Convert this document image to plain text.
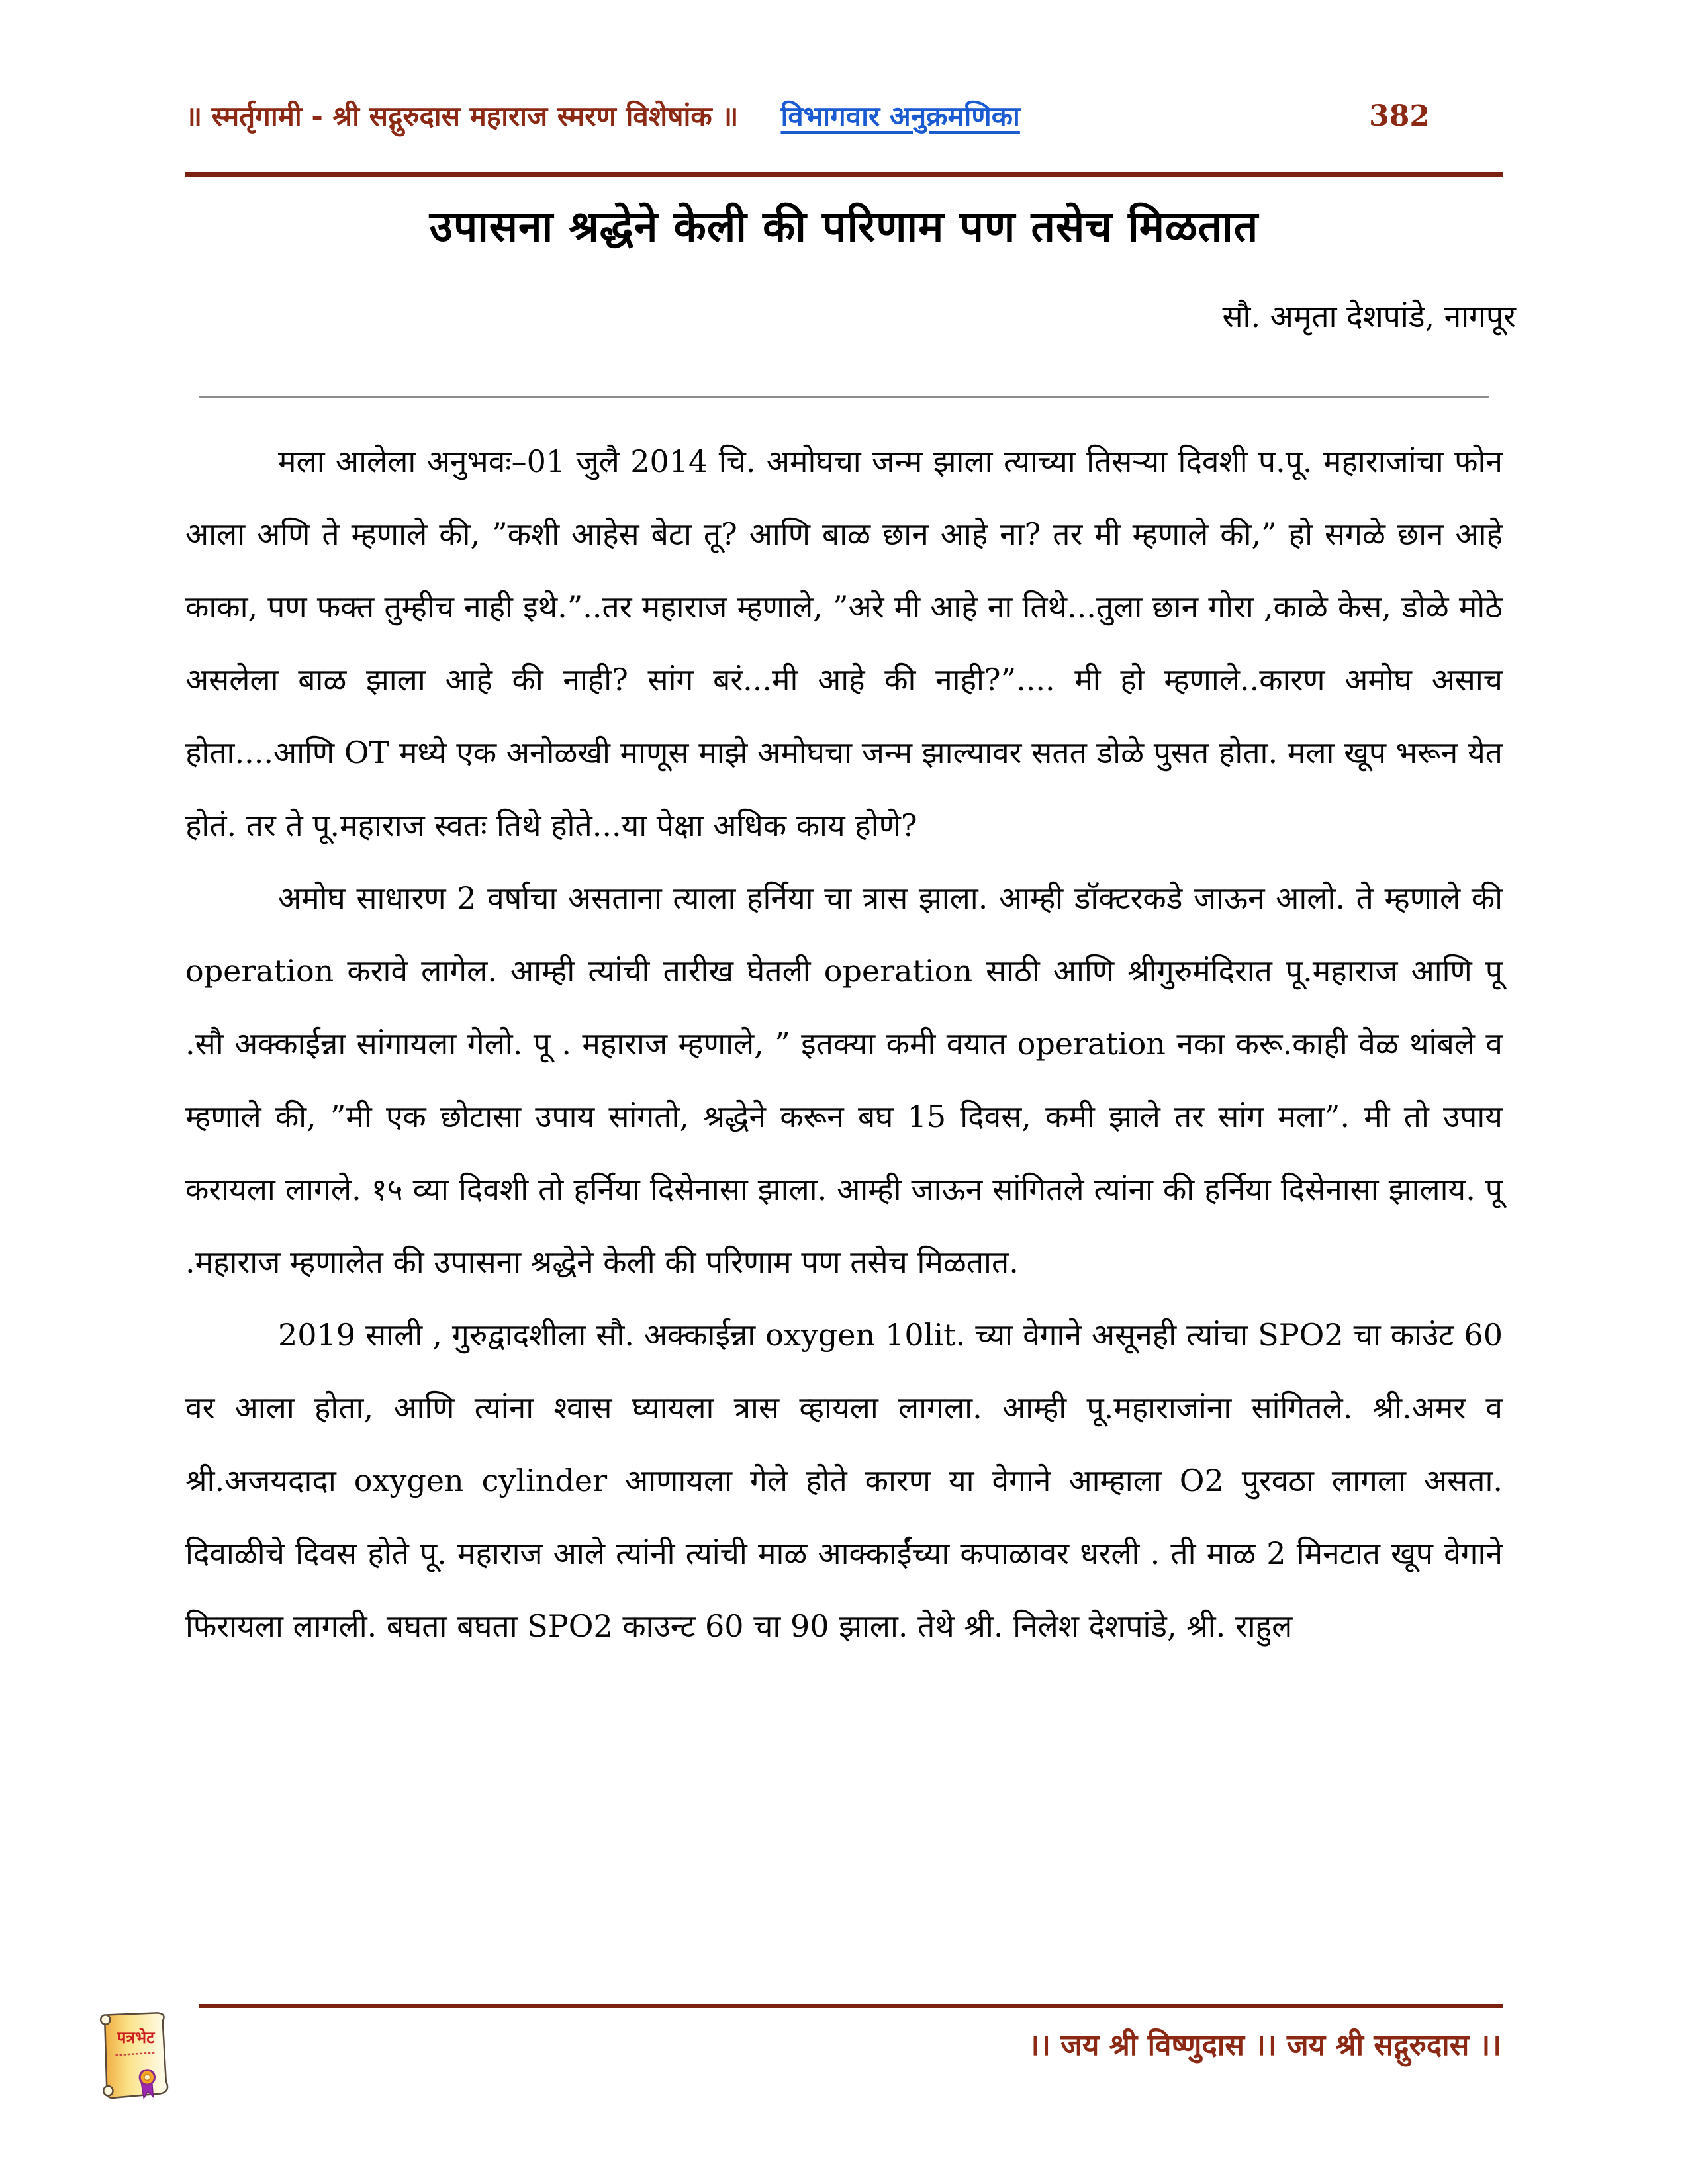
॥ स्मर्तृगामी - श्री सद्गुरुदास महाराज स्मरण विशेषांक ॥ विभागवार अनुक्रमणिका	382
उपासना श्रद्धेने केली की परिणाम पण तसेच मिळतात
सौ. अमृता देशपांडे, नागपूर

मला आलेला अनुभवः–01 जुलै 2014 चि. अमोघचा जन्म झाला त्याच्या तिसऱ्या दिवशी प.पू. महाराजांचा फोन आला अणि ते म्हणाले की, ”कशी आहेस बेटा तू? आणि बाळ छान आहे ना? तर मी म्हणाले की,” हो सगळे छान आहे काका, पण फक्त तुम्हीच नाही इथे.”..तर महाराज म्हणाले, ”अरे मी आहे ना तिथे...तुला छान गोरा ,काळे केस, डोळे मोठे असलेला बाळ झाला आहे की नाही? सांग बरं...मी आहे की नाही?”.... मी हो म्हणाले..कारण अमोघ असाच होता....आणि OT मध्ये एक अनोळखी माणूस माझे अमोघचा जन्म झाल्यावर सतत डोळे पुसत होता. मला खूप भरून येत होतं. तर ते पू.महाराज स्वतः तिथे होते...या पेक्षा अधिक काय होणे?

अमोघ साधारण 2 वर्षाचा असताना त्याला हर्निया चा त्रास झाला. आम्ही डॉक्टरकडे जाऊन आलो. ते म्हणाले की operation करावे लागेल. आम्ही त्यांची तारीख घेतली operation साठी आणि श्रीगुरुमंदिरात पू.महाराज आणि पू .सौ अक्काईन्ना सांगायला गेलो. पू . महाराज म्हणाले, ” इतक्या कमी वयात operation नका करू.काही वेळ थांबले व म्हणाले की, ”मी एक छोटासा उपाय सांगतो, श्रद्धेने करून बघ 15 दिवस, कमी झाले तर सांग मला”. मी तो उपाय करायला लागले. १५ व्या दिवशी तो हर्निया दिसेनासा झाला. आम्ही जाऊन सांगितले त्यांना की हर्निया दिसेनासा झालाय. पू .महाराज म्हणालेत की उपासना श्रद्धेने केली की परिणाम पण तसेच मिळतात.

2019 साली , गुरुद्वादशीला सौ. अक्काईन्ना oxygen 10lit. च्या वेगाने असूनही त्यांचा SPO2 चा काउंट 60 वर आला होता, आणि त्यांना श्वास घ्यायला त्रास व्हायला लागला. आम्ही पू.महाराजांना सांगितले. श्री.अमर व श्री.अजयदादा oxygen cylinder आणायला गेले होते कारण या वेगाने आम्हाला O2 पुरवठा लागला असता. दिवाळीचे दिवस होते पू. महाराज आले त्यांनी त्यांची माळ आक्काईंच्या कपाळावर धरली . ती माळ 2 मिनटात खूप वेगाने फिरायला लागली. बघता बघता SPO2 काउन्ट 60 चा 90 झाला. तेथे श्री. निलेश देशपांडे, श्री. राहुल

।। जय श्री विष्णुदास ।। जय श्री सद्गुरुदास ।।
पत्रभेट
